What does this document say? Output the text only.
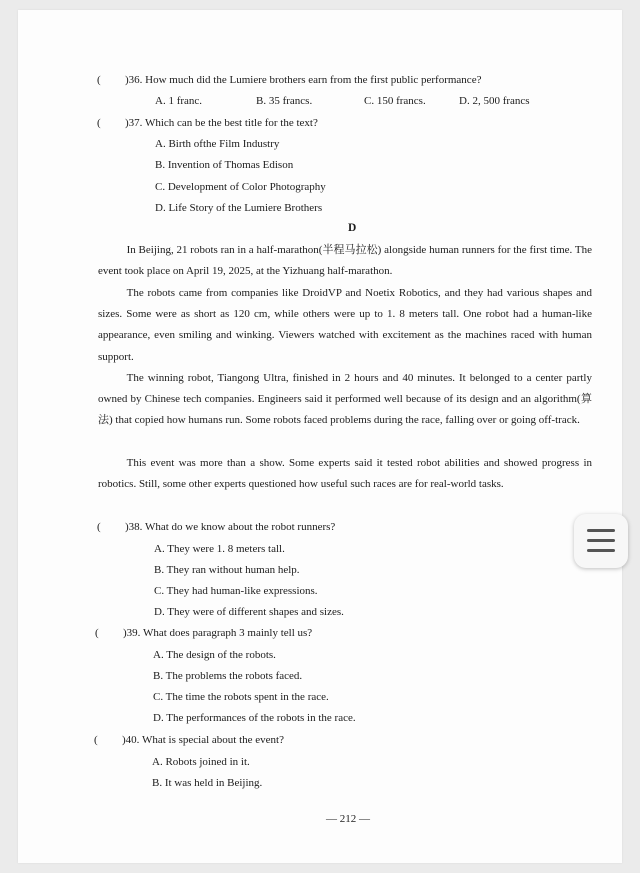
( )36. How much did the Lumiere brothers earn from the first public performance?
A. 1 franc.	B. 35 francs.	C. 150 francs.	D. 2, 500 francs
( )37. Which can be the best title for the text?
A. Birth ofthe Film Industry
B. Invention of Thomas Edison
C. Development of Color Photography
D. Life Story of the Lumiere Brothers
D
In Beijing, 21 robots ran in a half-marathon(半程马拉松) alongside human runners for the first time. The event took place on April 19, 2025, at the Yizhuang half-marathon.
The robots came from companies like DroidVP and Noetix Robotics, and they had various shapes and sizes. Some were as short as 120 cm, while others were up to 1. 8 meters tall. One robot had a human-like appearance, even smiling and winking. Viewers watched with excitement as the machines raced with human support.
The winning robot, Tiangong Ultra, finished in 2 hours and 40 minutes. It belonged to a center partly owned by Chinese tech companies. Engineers said it performed well because of its design and an algorithm(算法) that copied how humans run. Some robots faced problems during the race, falling over or going off-track.
This event was more than a show. Some experts said it tested robot abilities and showed progress in robotics. Still, some other experts questioned how useful such races are for real-world tasks.
( )38. What do we know about the robot runners?
A. They were 1. 8 meters tall.
B. They ran without human help.
C. They had human-like expressions.
D. They were of different shapes and sizes.
( )39. What does paragraph 3 mainly tell us?
A. The design of the robots.
B. The problems the robots faced.
C. The time the robots spent in the race.
D. The performances of the robots in the race.
( )40. What is special about the event?
A. Robots joined in it.
B. It was held in Beijing.
— 212 —
